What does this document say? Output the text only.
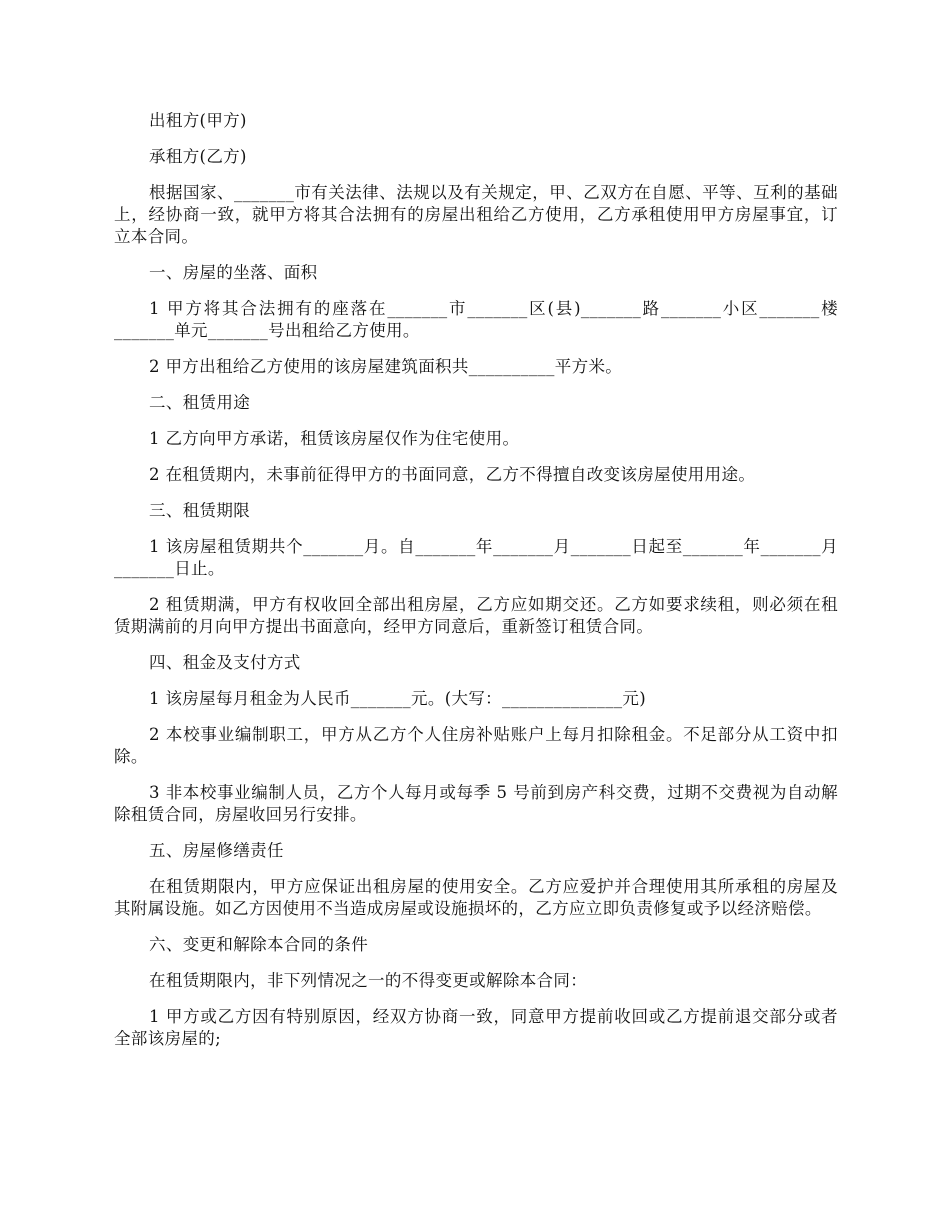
出租方(甲方)

承租方(乙方)

根据国家、_______市有关法律、法规以及有关规定，甲、乙双方在自愿、平等、互利的基础上，经协商一致，就甲方将其合法拥有的房屋出租给乙方使用，乙方承租使用甲方房屋事宜，订立本合同。

一、房屋的坐落、面积

1 甲方将其合法拥有的座落在_______市_______区(县)_______路_______小区_______楼_______单元_______号出租给乙方使用。

2 甲方出租给乙方使用的该房屋建筑面积共__________平方米。

二、租赁用途

1 乙方向甲方承诺，租赁该房屋仅作为住宅使用。

2 在租赁期内，未事前征得甲方的书面同意，乙方不得擅自改变该房屋使用用途。

三、租赁期限

1 该房屋租赁期共个_______月。自_______年_______月_______日起至_______年_______月_______日止。

2 租赁期满，甲方有权收回全部出租房屋，乙方应如期交还。乙方如要求续租，则必须在租赁期满前的月向甲方提出书面意向，经甲方同意后，重新签订租赁合同。

四、租金及支付方式

1 该房屋每月租金为人民币_______元。(大写：______________元)

2 本校事业编制职工，甲方从乙方个人住房补贴账户上每月扣除租金。不足部分从工资中扣除。

3 非本校事业编制人员，乙方个人每月或每季 5 号前到房产科交费，过期不交费视为自动解除租赁合同，房屋收回另行安排。

五、房屋修缮责任

在租赁期限内，甲方应保证出租房屋的使用安全。乙方应爱护并合理使用其所承租的房屋及其附属设施。如乙方因使用不当造成房屋或设施损坏的，乙方应立即负责修复或予以经济赔偿。

六、变更和解除本合同的条件

在租赁期限内，非下列情况之一的不得变更或解除本合同：

1 甲方或乙方因有特别原因，经双方协商一致，同意甲方提前收回或乙方提前退交部分或者全部该房屋的;
